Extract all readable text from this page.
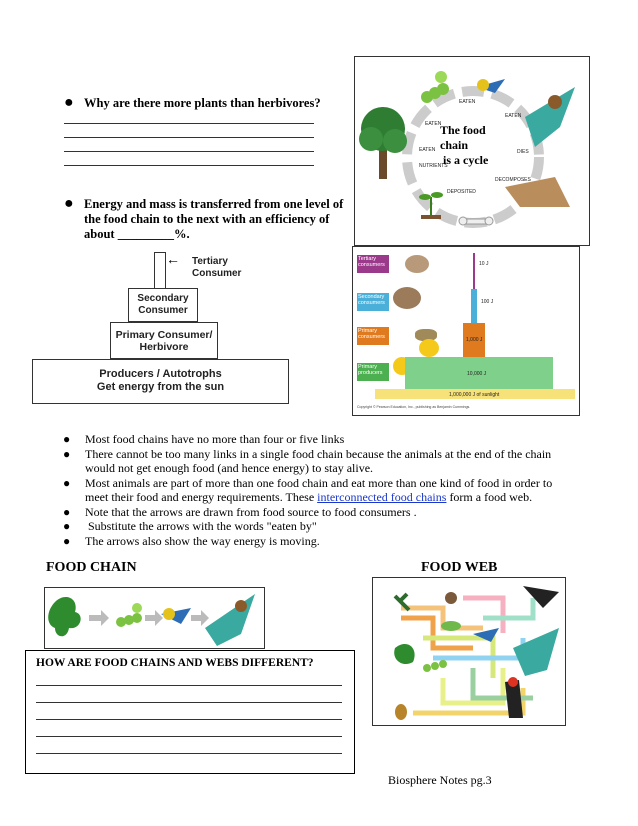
● Why are there more plants than herbivores?
● Energy and mass is transferred from one level of
the food chain to the next with an efficiency of
about _________%.
The food
chain
is a cycle
EATEN
EATEN
EATEN
DIES
DECOMPOSES
DEPOSITED
NUTRIENTS
EATEN
← Tertiary
Consumer
Secondary
Consumer
Primary Consumer/
Herbivore
Producers / Autotrophs
Get energy from the sun
Tertiary consumers
Secondary consumers
Primary consumers
Primary producers
10 J
100 J
1,000 J
10,000 J
1,000,000 J of sunlight
Copyright © Pearson Education, Inc., publishing as Benjamin Cummings.
● Most food chains have no more than four or five links
● There cannot be too many links in a single food chain because the animals at the end of the chain
would not get enough food (and hence energy) to stay alive.
● Most animals are part of more than one food chain and eat more than one kind of food in order to
meet their food and energy requirements. These interconnected food chains form a food web.
● Note that the arrows are drawn from food source to food consumers .
● Substitute the arrows with the words "eaten by"
● The arrows also show the way energy is moving.
FOOD CHAIN	FOOD WEB
HOW ARE FOOD CHAINS AND WEBS DIFFERENT?
Biosphere Notes pg.3
